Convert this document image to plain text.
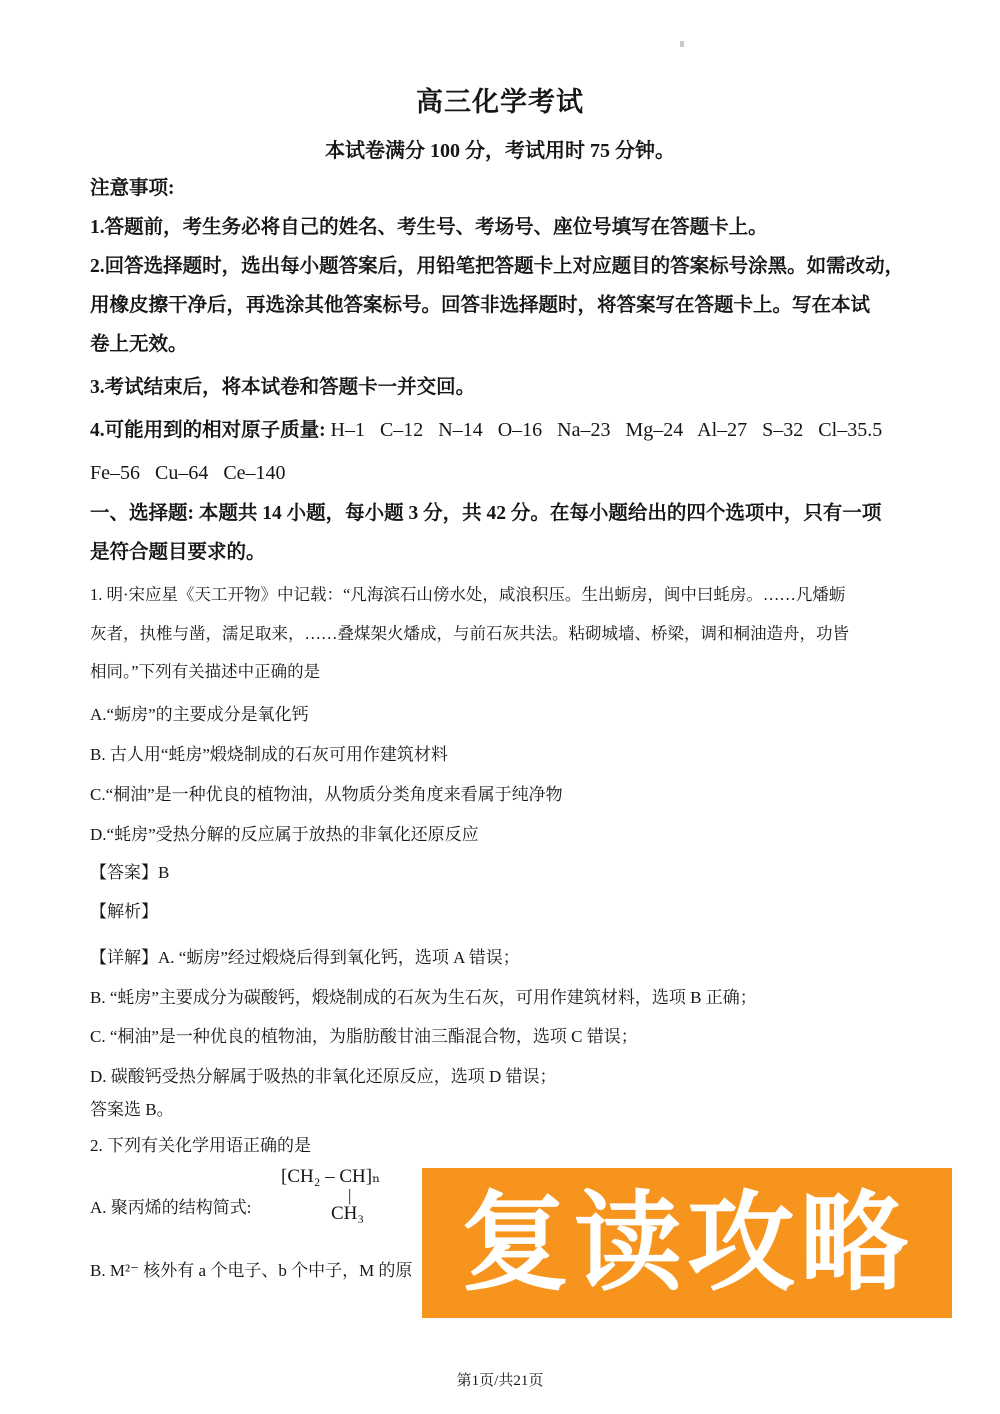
高三化学考试
本试卷满分 100 分，考试用时 75 分钟。
注意事项:
1.答题前，考生务必将自己的姓名、考生号、考场号、座位号填写在答题卡上。
2.回答选择题时，选出每小题答案后，用铅笔把答题卡上对应题目的答案标号涂黑。如需改动，
用橡皮擦干净后，再选涂其他答案标号。回答非选择题时，将答案写在答题卡上。写在本试
卷上无效。
3.考试结束后，将本试卷和答题卡一并交回。
4.可能用到的相对原子质量: H–1   C–12   N–14   O–16   Na–23   Mg–24   Al–27   S–32   Cl–35.5
Fe–56   Cu–64   Ce–140
一、选择题: 本题共 14 小题，每小题 3 分，共 42 分。在每小题给出的四个选项中，只有一项
是符合题目要求的。
1. 明·宋应星《天工开物》中记载：“凡海滨石山傍水处，咸浪积压。生出蛎房，闽中曰蚝房。……凡燔蛎
灰者，执椎与凿，濡足取来，……叠煤架火燔成，与前石灰共法。粘砌城墙、桥梁，调和桐油造舟，功皆
相同。”下列有关描述中正确的是
A.“蛎房”的主要成分是氧化钙
B. 古人用“蚝房”煅烧制成的石灰可用作建筑材料
C.“桐油”是一种优良的植物油，从物质分类角度来看属于纯净物
D.“蚝房”受热分解的反应属于放热的非氧化还原反应
【答案】B
【解析】
【详解】A. “蛎房”经过煅烧后得到氧化钙，选项 A 错误；
B. “蚝房”主要成分为碳酸钙，煅烧制成的石灰为生石灰，可用作建筑材料，选项 B 正确；
C. “桐油”是一种优良的植物油，为脂肪酸甘油三酯混合物，选项 C 错误；
D. 碳酸钙受热分解属于吸热的非氧化还原反应，选项 D 错误；
答案选 B。
2. 下列有关化学用语正确的是
A. 聚丙烯的结构简式:
[CH₂ – CH]ₙ
|
CH₃
B. M²⁻ 核外有 a 个电子、b 个中子，M 的原 复读攻略
第1页/共21页
